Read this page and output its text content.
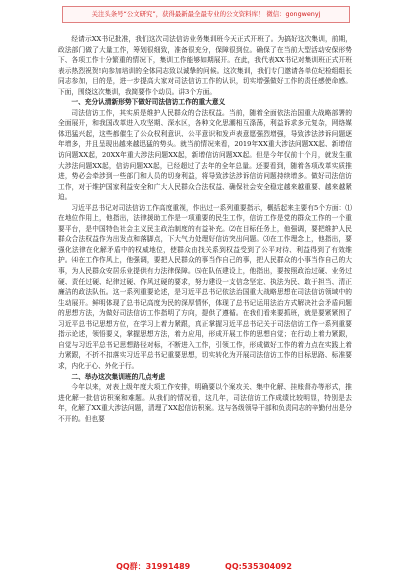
关注头条号“公文研究”，获得最新最全最专业的公文资料库！ 微信：gongwenyj

经请示XX书记批准，我们这次司法信访业务集训班今天正式开班了。为搞好这次集训，前期，政法部门做了大量工作，筹划很细致，准备很充分，保障很到位。确保了在当前大型活动安保形势下、各项工作十分繁重的情况下，集训工作能够如期展开。在此，我代表XX书记对集训班正式开班表示热烈祝贺!向参加培训的全体同志致以诚挚的问候。这次集训，我们专门邀请各单位纪检组组长同志参加，目的是，进一步提高大家对司法信访工作的认识，切实增强做好工作的责任感使命感。下面，围绕这次集训，我简要作个动员。讲3个方面。

一、充分认清新形势下做好司法信访工作的重大意义

司法信访工作，其实质是维护人民群众的合法权益。当前，随着全面依法治国重大战略部署的全面展开，和我国改革进入攻坚期、深水区，各种文化思潮相互涤荡，利益诉求多元复杂，网络媒体迅猛兴起，这些都催生了公众权利意识、公平意识和发声表意愿强烈增强，导致涉法涉诉问题逐年增多，并且呈现出越来越迅猛的势头。就当前情况来看，2019年XX重大涉法问题XX起、新增信访问题XX起，20XX年重大涉法问题XX起，新增信访问题XX起。但是今年仅前十个月，就发生重大涉法问题XX起，信访问题XX起，已经超过了去年的全年总量。还要看到，随着各项改革实质推进，势必会牵涉到一些部门和人员的切身利益，将导致涉法涉诉信访问题持续增多。做好司法信访工作，对于维护国家利益安全和广大人民群众合法权益、确保社会安全稳定越来越重要、越来越紧迫。

习近平总书记对司法信访工作高度重视，作出过一系列重要指示，概括起来主要有5个方面：⑴在地位作用上，他指出，法律援助工作是一项重要的民生工作，信访工作是党的群众工作的一个重要平台，是中国特色社会主义民主政治制度的有益补充。⑵在目标任务上，他强调，要把维护人民群众合法权益作为出发点和落脚点，下大气力处理好信访突出问题。⑶在工作理念上，他指出，要强化法律在化解矛盾中的权威地位，使群众由找关系到权益受到了公平对待、利益得到了有效维护。⑷在工作作风上，他强调，要把人民群众的事当作自己的事，把人民群众的小事当作自己的大事，为人民群众安居乐业提供有力法律保障。⑸在队伍建设上，他指出，要按照政治过硬、业务过硬、责任过硬、纪律过硬、作风过硬的要求，努力建设一支信念坚定、执法为民、敢于担当、清正廉洁的政法队伍。这一系列重要论述，是习近平总书记依法治国重大战略思想在司法信访领域中的生动展开。鲜明体现了总书记高度为民的深厚情怀，体现了总书记运用法治方式解决社会矛盾问题的思想方法，为做好司法信访工作指明了方向，提供了遵循。在我们看来要抓班，就是要紧紧围了习近平总书记思想方位，在学习上着力紧跟，真正掌握习近平总书记关于司法信访工作一系列重要指示论述，领悟要义，掌握思想方法，着力应用，形成开展工作的思想自觉；在行动上着力紧跟，自觉与习近平总书记思想路径对标，不断进入工作，引领工作，形成做好工作的着力点在实践上着力紧跟，不折不扣落实习近平总书记重要思想，切实转化为开展司法信访工作的目标思路、标准要求，内化于心、外化于行。

二、举办这次集训班的几点考虑

今年以来，对表上级年度大项工作安排，明确要以个案攻关、集中化解、挂账督办等形式，推进化解一批信访积案和难题。从我们的情况看，这几年，司法信访工作成绩比较明显，特别是去年，化解了XX重大涉法问题，清理了XX起信访积案。这与各级领导干部和负责同志的辛勤付出是分不开的。但也要

QQ群：31991489	QQ:535304092
